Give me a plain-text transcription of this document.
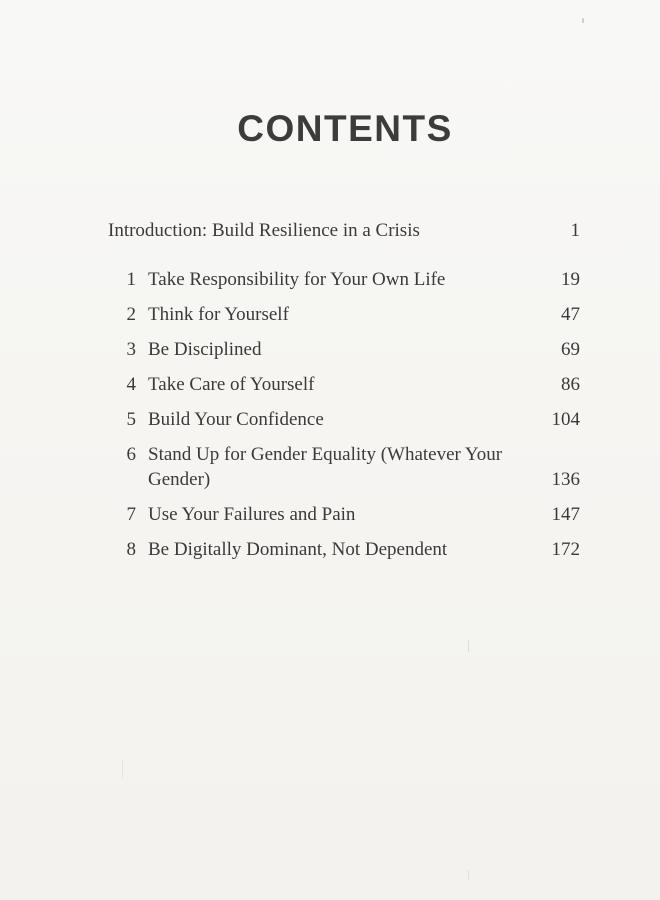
CONTENTS
Introduction: Build Resilience in a Crisis	1
1 Take Responsibility for Your Own Life	19
2 Think for Yourself	47
3 Be Disciplined	69
4 Take Care of Yourself	86
5 Build Your Confidence	104
6 Stand Up for Gender Equality (Whatever Your
Gender)	136
7 Use Your Failures and Pain	147
8 Be Digitally Dominant, Not Dependent	172
